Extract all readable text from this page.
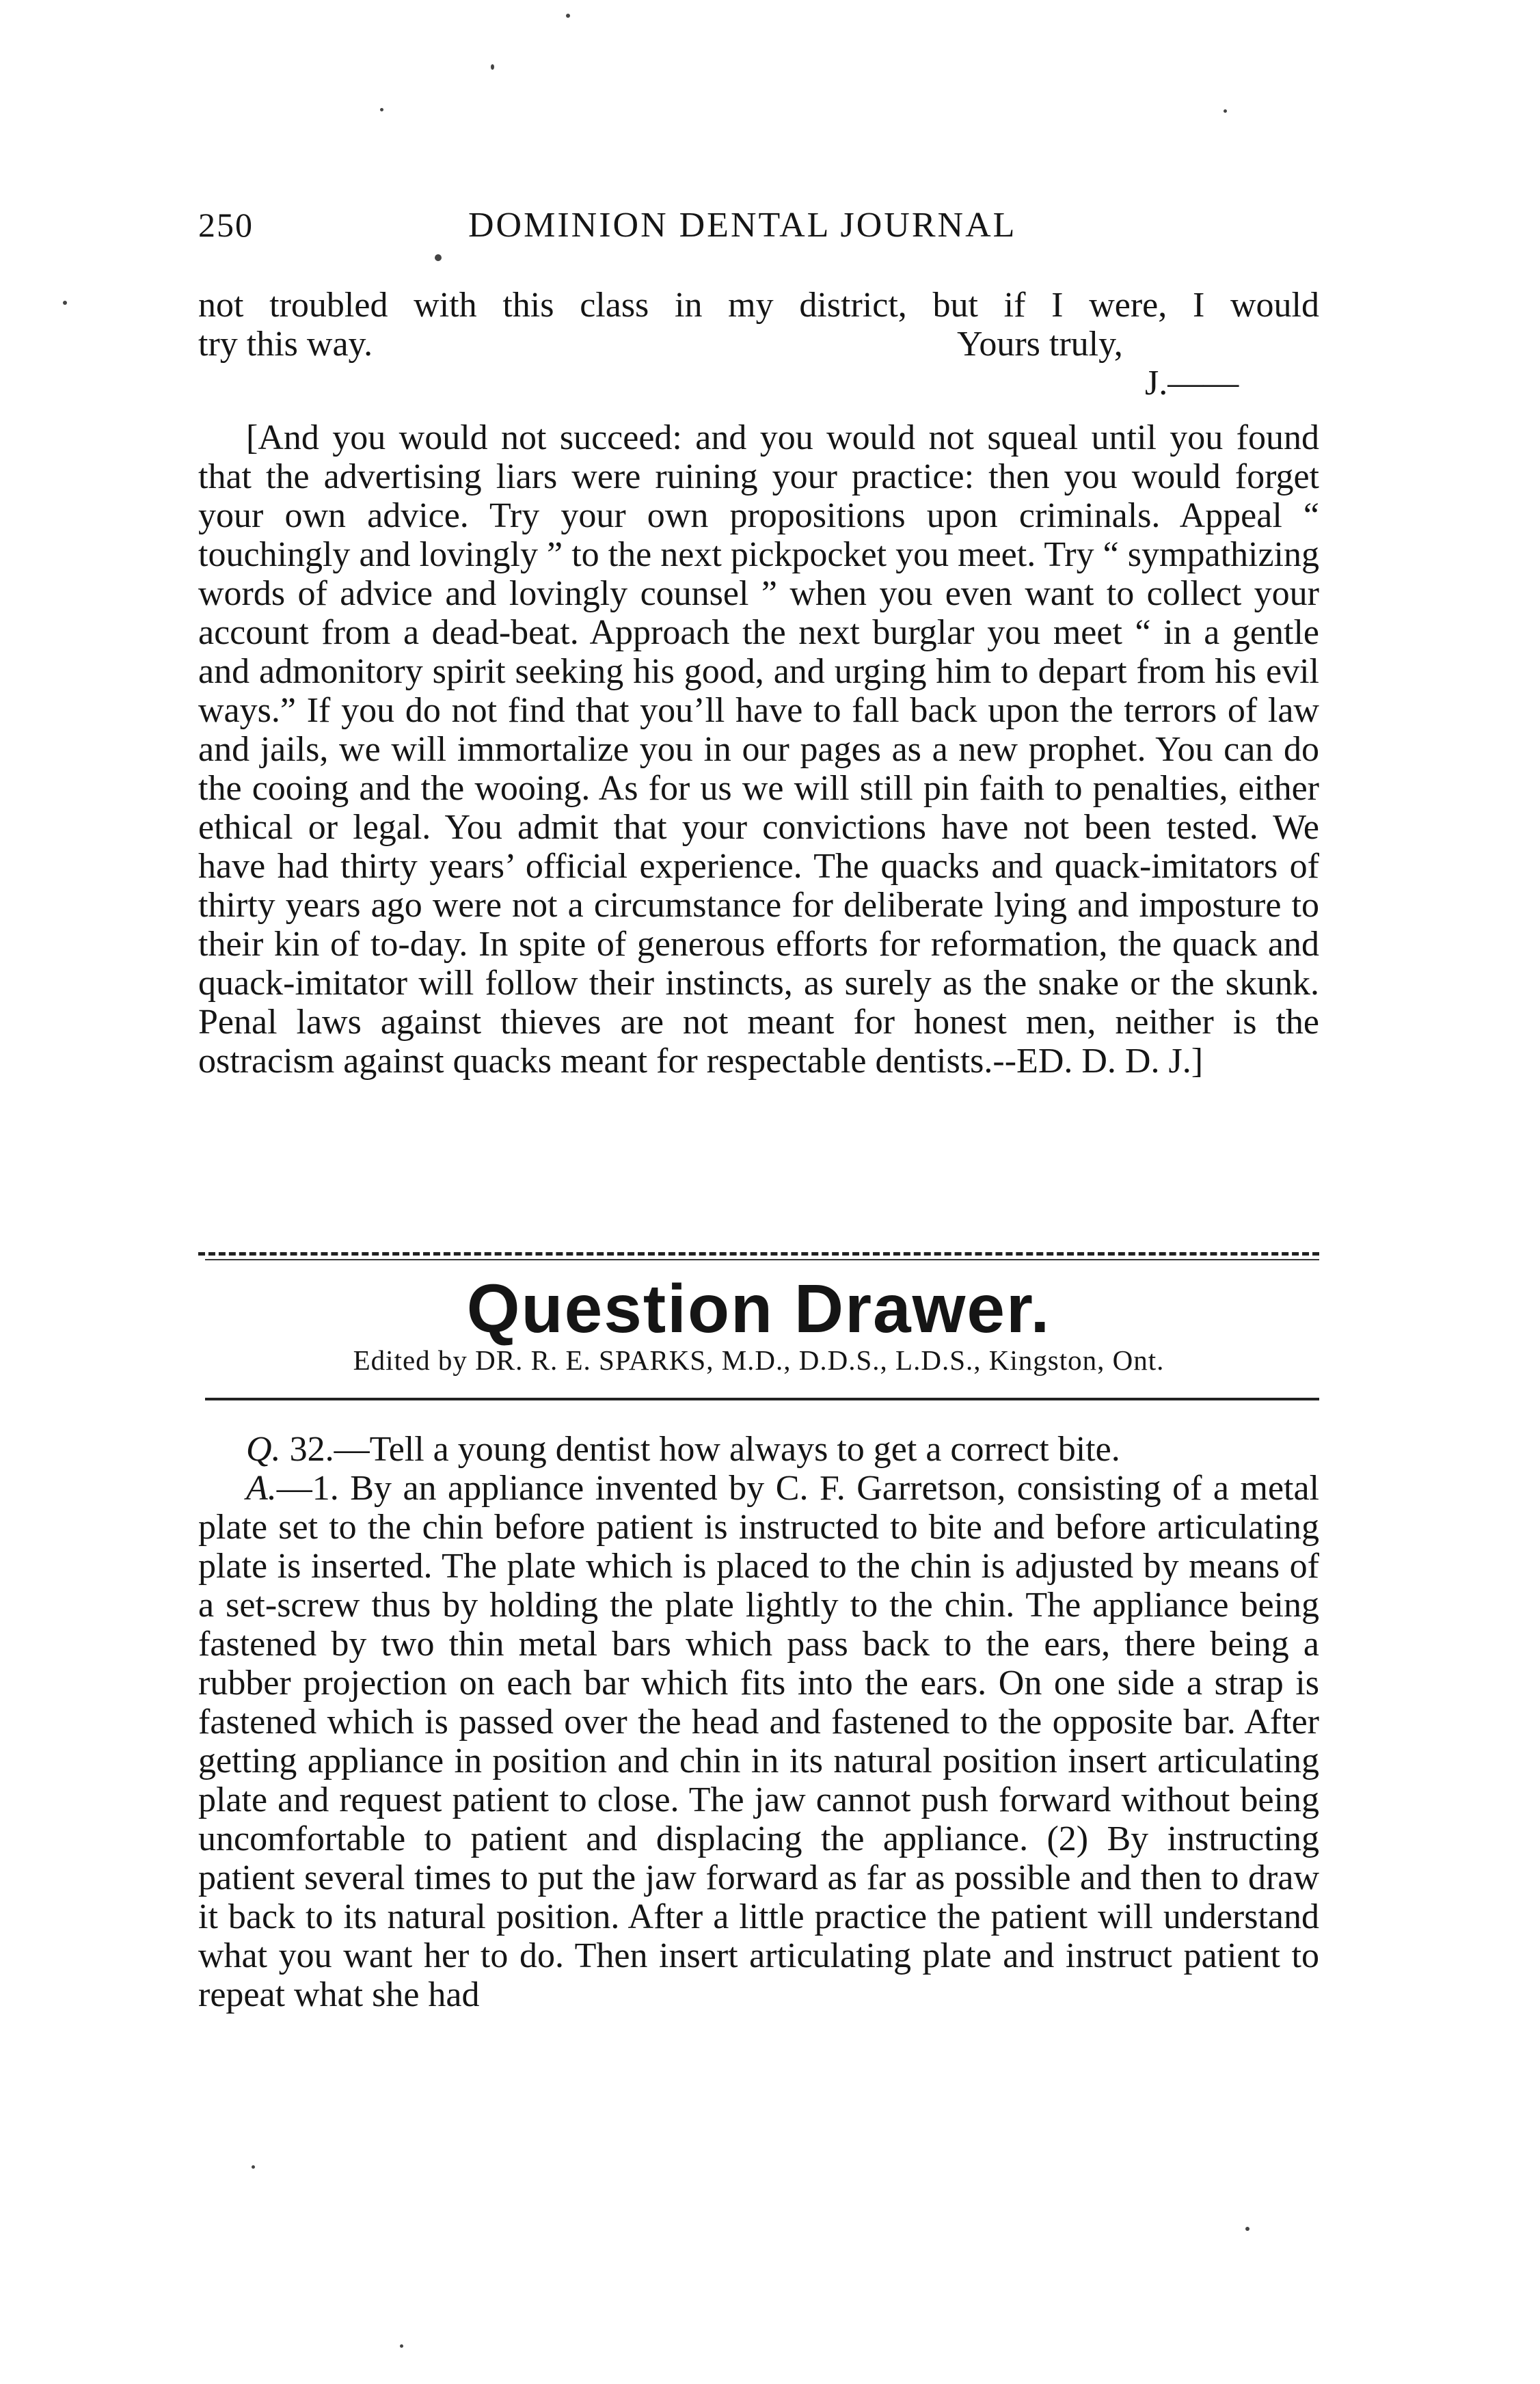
250	DOMINION DENTAL JOURNAL

not troubled with this class in my district, but if I were, I would

try this way.	Yours truly,
J.——

[And you would not succeed: and you would not squeal until you found that the advertising liars were ruining your practice: then you would forget your own advice. Try your own propositions upon criminals. Appeal “ touchingly and lovingly ” to the next pickpocket you meet. Try “ sympathizing words of advice and lovingly counsel ” when you even want to collect your account from a dead-beat. Approach the next burglar you meet “ in a gentle and admonitory spirit seeking his good, and urging him to depart from his evil ways.” If you do not find that you’ll have to fall back upon the terrors of law and jails, we will immortalize you in our pages as a new prophet. You can do the cooing and the wooing. As for us we will still pin faith to penalties, either ethical or legal. You admit that your convictions have not been tested. We have had thirty years’ official experience. The quacks and quack-imitators of thirty years ago were not a circumstance for deliberate lying and imposture to their kin of to-day. In spite of generous efforts for reformation, the quack and quack-imitator will follow their instincts, as surely as the snake or the skunk. Penal laws against thieves are not meant for honest men, neither is the ostracism against quacks meant for respectable dentists.--ED. D. D. J.]

Question Drawer.
Edited by DR. R. E. SPARKS, M.D., D.D.S., L.D.S., Kingston, Ont.

Q. 32.—Tell a young dentist how always to get a correct bite.

A.—1. By an appliance invented by C. F. Garretson, consisting of a metal plate set to the chin before patient is instructed to bite and before articulating plate is inserted. The plate which is placed to the chin is adjusted by means of a set-screw thus by holding the plate lightly to the chin. The appliance being fastened by two thin metal bars which pass back to the ears, there being a rubber projection on each bar which fits into the ears. On one side a strap is fastened which is passed over the head and fastened to the opposite bar. After getting appliance in position and chin in its natural position insert articulating plate and request patient to close. The jaw cannot push forward without being uncomfortable to patient and displacing the appliance. (2) By instructing patient several times to put the jaw forward as far as possible and then to draw it back to its natural position. After a little practice the patient will understand what you want her to do. Then insert articulating plate and instruct patient to repeat what she had
